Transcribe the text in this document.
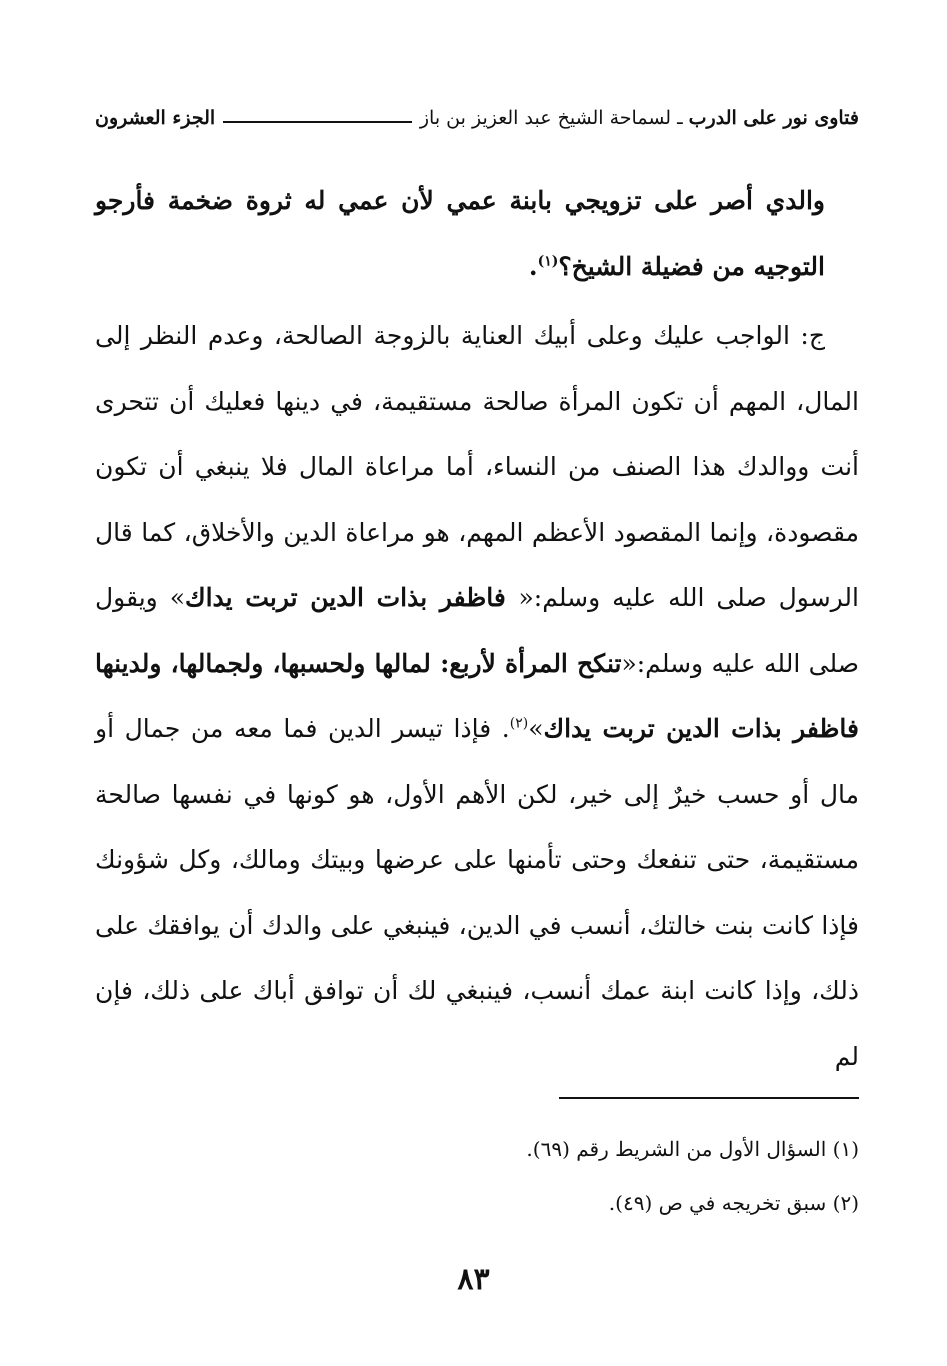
فتاوى نور على الدرب
ـ
لسماحة الشيخ عبد العزيز بن باز
الجزء العشرون

والدي أصر على تزويجي بابنة عمي لأن عمي له ثروة ضخمة فأرجو التوجيه من فضيلة الشيخ؟$^{(١)}$.

ج: الواجب عليك وعلى أبيك العناية بالزوجة الصالحة، وعدم النظر إلى المال، المهم أن تكون المرأة صالحة مستقيمة، في دينها فعليك أن تتحرى أنت ووالدك هذا الصنف من النساء، أما مراعاة المال فلا ينبغي أن تكون مقصودة، وإنما المقصود الأعظم المهم، هو مراعاة الدين والأخلاق، كما قال الرسول صلى الله عليه وسلم:« فاظفر بذات الدين تربت يداك» ويقول صلى الله عليه وسلم:«تنكح المرأة لأربع: لمالها ولحسبها، ولجمالها، ولدينها فاظفر بذات الدين تربت يداك»$^{(٢)}$. فإذا تيسر الدين فما معه من جمال أو مال أو حسب خيرٌ إلى خير، لكن الأهم الأول، هو كونها في نفسها صالحة مستقيمة، حتى تنفعك وحتى تأمنها على عرضها وبيتك ومالك، وكل شؤونك فإذا كانت بنت خالتك، أنسب في الدين، فينبغي على والدك أن يوافقك على ذلك، وإذا كانت ابنة عمك أنسب، فينبغي لك أن توافق أباك على ذلك، فإن لم

(١) السؤال الأول من الشريط رقم (٦٩).

(٢) سبق تخريجه في ص (٤٩).

٨٣
